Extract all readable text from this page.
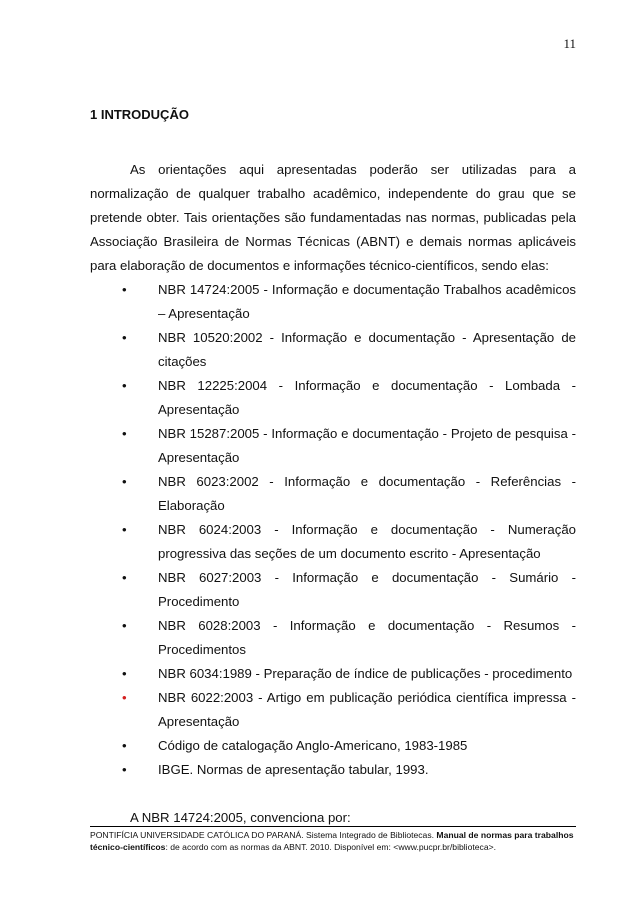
11
1 INTRODUÇÃO

As orientações aqui apresentadas poderão ser utilizadas para a normalização de qualquer trabalho acadêmico, independente do grau que se pretende obter. Tais orientações são fundamentadas nas normas, publicadas pela Associação Brasileira de Normas Técnicas (ABNT) e demais normas aplicáveis para elaboração de documentos e informações técnico-científicos, sendo elas:

•	NBR 14724:2005 - Informação e documentação Trabalhos acadêmicos – Apresentação
•	NBR 10520:2002 - Informação e documentação - Apresentação de citações
•	NBR 12225:2004 - Informação e documentação - Lombada - Apresentação
•	NBR 15287:2005 - Informação e documentação - Projeto de pesquisa - Apresentação
•	NBR 6023:2002 - Informação e documentação - Referências - Elaboração
•	NBR 6024:2003 - Informação e documentação - Numeração progressiva das seções de um documento escrito - Apresentação
•	NBR 6027:2003 - Informação e documentação - Sumário - Procedimento
•	NBR 6028:2003 - Informação e documentação - Resumos - Procedimentos
•	NBR 6034:1989 - Preparação de índice de publicações - procedimento
•	NBR 6022:2003 - Artigo em publicação periódica científica impressa - Apresentação
•	Código de catalogação Anglo-Americano, 1983-1985
•	IBGE. Normas de apresentação tabular, 1993.

A NBR 14724:2005, convenciona por:

PONTIFÍCIA UNIVERSIDADE CATÓLICA DO PARANÁ. Sistema Integrado de Bibliotecas. Manual de normas para trabalhos técnico-científicos: de acordo com as normas da ABNT. 2010. Disponível em: <www.pucpr.br/biblioteca>.
